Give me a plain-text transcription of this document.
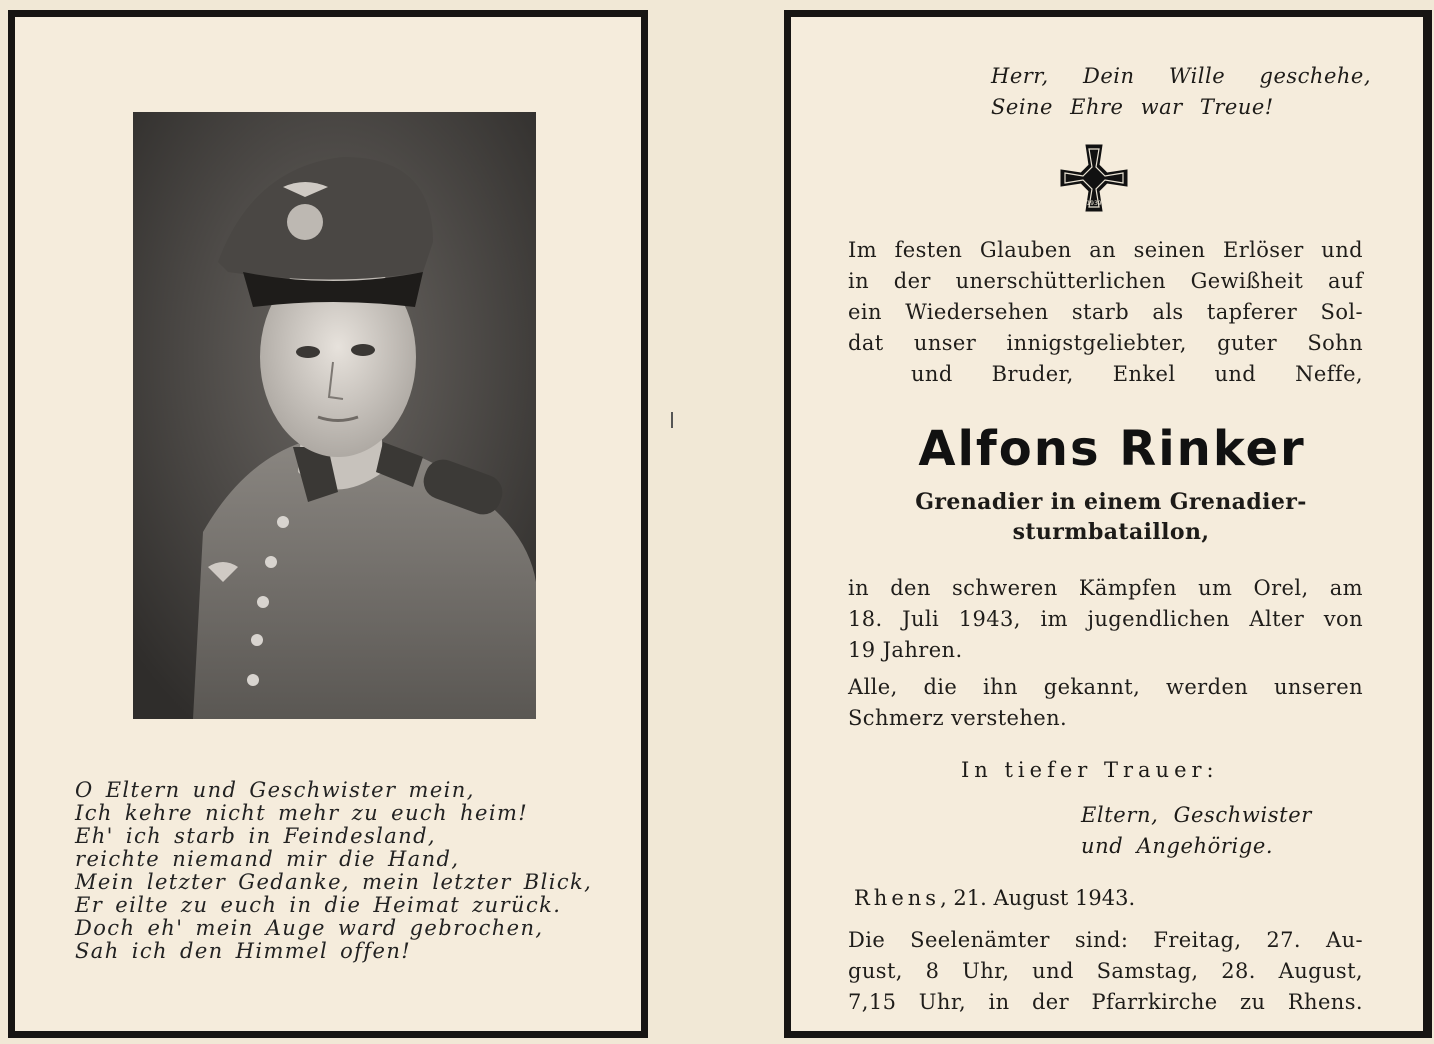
O Eltern und Geschwister mein,
Ich kehre nicht mehr zu euch heim!
Eh' ich starb in Feindesland,
reichte niemand mir die Hand,
Mein letzter Gedanke, mein letzter Blick,
Er eilte zu euch in die Heimat zurück.
Doch eh' mein Auge ward gebrochen,
Sah ich den Himmel offen!
Herr, Dein Wille geschehe,
Seine Ehre war Treue!
1939
Im festen Glauben an seinen Erlöser und
in der unerschütterlichen Gewißheit auf
ein Wiedersehen starb als tapferer Sol-
dat unser innigstgeliebter, guter Sohn
und Bruder, Enkel und Neffe,
Alfons Rinker
Grenadier in einem Grenadier-
sturmbataillon,
in den schweren Kämpfen um Orel, am
18. Juli 1943, im jugendlichen Alter von
19 Jahren.
Alle, die ihn gekannt, werden unseren
Schmerz verstehen.
In tiefer Trauer:
Eltern, Geschwister
und Angehörige.
Rhens, 21. August 1943.
Die Seelenämter sind: Freitag, 27. Au-
gust, 8 Uhr, und Samstag, 28. August,
7,15 Uhr, in der Pfarrkirche zu Rhens.
